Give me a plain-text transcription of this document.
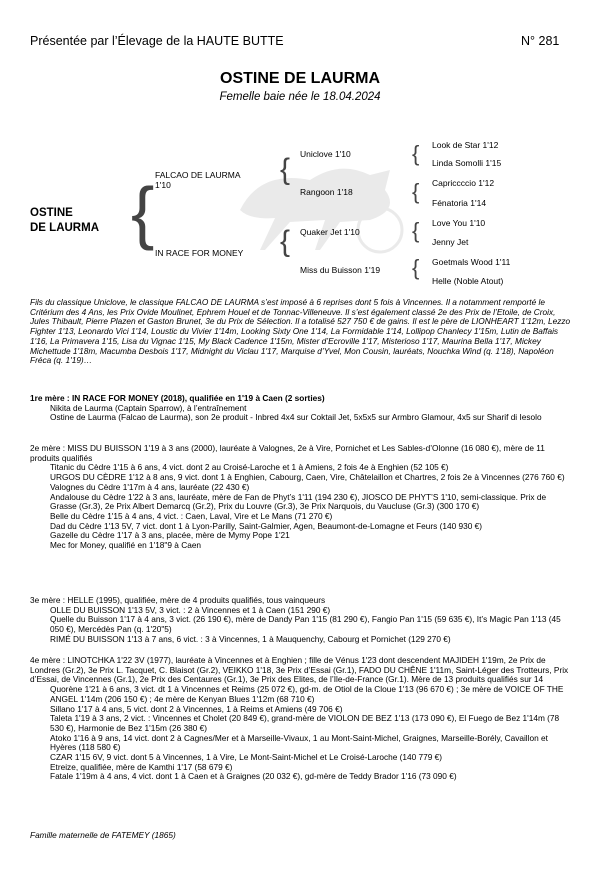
Présentée par l’Élevage de la HAUTE BUTTE	N° 281
OSTINE DE LAURMA
Femelle baie née le 18.04.2024
OSTINE
DE LAURMA { FALCAO DE LAURMA
1'10
IN RACE FOR MONEY
{
{
Uniclove 1'10
Rangoon 1'18
Quaker Jet 1'10
Miss du Buisson 1'19
{
{
{
{
Look de Star 1'12
Linda Somolli 1'15
Capriccccio 1'12
Fénatoria 1'14
Love You 1'10
Jenny Jet
Goetmals Wood 1'11
Helle (Noble Atout)
Fils du classique Uniclove, le classique FALCAO DE LAURMA s’est imposé à 6 reprises dont 5 fois à Vincennes. Il a notamment remporté le Critérium des 4 Ans, les Prix Ovide Moulinet, Ephrem Houel et de Tonnac-Villeneuve. Il s’est également classé 2e des Prix de l’Etoile, de Croix, Jules Thibault, Pierre Plazen et Gaston Brunet, 3e du Prix de Sélection. Il a totalisé 527 750 € de gains. Il est le père de LIONHEART 1'12m, Lezzo Fighter 1'13, Leonardo Vici 1'14, Loustic du Vivier 1'14m, Looking Sixty One 1'14, La Formidable 1'14, Lollipop Chanlecy 1'15m, Lutin de Baffais 1'16, La Primavera 1'15, Lisa du Vignac 1'15, My Black Cadence 1'15m, Mister d’Ecroville 1'17, Misterioso 1'17, Maurina Bella 1'17, Mickey Michettude 1'18m, Macumba Desbois 1'17, Midnight du Viclau 1'17, Marquise d’Yvel, Mon Cousin, lauréats, Nouchka Wind (q. 1'18), Napoléon Fréca (q. 1'19)…

1re mère : IN RACE FOR MONEY (2018), qualifiée en 1'19 à Caen (2 sorties)

Nikita de Laurma (Captain Sparrow), à l’entraînement

Ostine de Laurma (Falcao de Laurma), son 2e produit - Inbred 4x4 sur Coktail Jet, 5x5x5 sur Armbro Glamour, 4x5 sur Sharif di Iesolo

2e mère : MISS DU BUISSON 1'19 à 3 ans (2000), lauréate à Valognes, 2e à Vire, Pornichet et Les Sables-d’Olonne (16 080 €), mère de 11 produits qualifiés

Titanic du Cèdre 1'15 à 6 ans, 4 vict. dont 2 au Croisé-Laroche et 1 à Amiens, 2 fois 4e à Enghien (52 105 €)

URGOS DU CÈDRE 1'12 à 8 ans, 9 vict. dont 1 à Enghien, Cabourg, Caen, Vire, Châtelaillon et Chartres, 2 fois 2e à Vincennes (276 760 €)

Valognes du Cèdre 1'17m à 4 ans, lauréate (22 430 €)

Andalouse du Cèdre 1'22 à 3 ans, lauréate, mère de Fan de Phyt’s 1'11 (194 230 €), JIOSCO DE PHYT’S 1'10, semi-classique. Prix de Grasse (Gr.3), 2e Prix Albert Demarcq (Gr.2), Prix du Louvre (Gr.3), 3e Prix Narquois, du Vaucluse (Gr.3) (300 170 €)

Belle du Cèdre 1'15 à 4 ans, 4 vict. : Caen, Laval, Vire et Le Mans (71 270 €)

Dad du Cèdre 1'13 5V, 7 vict. dont 1 à Lyon-Parilly, Saint-Galmier, Agen, Beaumont-de-Lomagne et Feurs (140 930 €)

Gazelle du Cèdre 1'17 à 3 ans, placée, mère de Mymy Pope 1'21

Mec for Money, qualifié en 1'18"9 à Caen

3e mère : HELLE (1995), qualifiée, mère de 4 produits qualifiés, tous vainqueurs

OLLE DU BUISSON 1'13 5V, 3 vict. : 2 à Vincennes et 1 à Caen (151 290 €)

Quelle du Buisson 1'17 à 4 ans, 3 vict. (26 190 €), mère de Dandy Pan 1'15 (81 290 €), Fangio Pan 1'15 (59 635 €), It’s Magic Pan 1'13 (45 050 €), Mercédès Pan (q. 1'20"5)

RIMÉ DU BUISSON 1'13 à 7 ans, 6 vict. : 3 à Vincennes, 1 à Mauquenchy, Cabourg et Pornichet (129 270 €)

4e mère : LINOTCHKA 1'22 3V (1977), lauréate à Vincennes et à Enghien ; fille de Vénus 1'23 dont descendent MAJIDEH 1'19m, 2e Prix de Londres (Gr.2), 3e Prix L. Tacquet, C. Blaisot (Gr.2), VEIKKO 1'18, 3e Prix d’Essai (Gr.1), FADO DU CHÊNE 1'11m, Saint-Léger des Trotteurs, Prix d’Essai, de Vincennes (Gr.1), 2e Prix des Centaures (Gr.1), 3e Prix des Elites, de l’Ile-de-France (Gr.1). Mère de 13 produits qualifiés sur 14

Quorène 1'21 à 6 ans, 3 vict. dt 1 à Vincennes et Reims (25 072 €), gd-m. de Otiol de la Cloue 1'13 (96 670 €) ; 3e mère de VOICE OF THE ANGEL 1'14m (206 150 €) ; 4e mère de Kenyan Blues 1'12m (68 710 €)

Sillano 1'17 à 4 ans, 5 vict. dont 2 à Vincennes, 1 à Reims et Amiens (49 706 €)

Taleta 1'19 à 3 ans, 2 vict. : Vincennes et Cholet (20 849 €), grand-mère de VIOLON DE BEZ 1'13 (173 090 €), El Fuego de Bez 1'14m (78 530 €), Harmonie de Bez 1'15m (26 380 €)

Atoko 1'16 à 9 ans, 14 vict. dont 2 à Cagnes/Mer et à Marseille-Vivaux, 1 au Mont-Saint-Michel, Graignes, Marseille-Borély, Cavaillon et Hyères (118 580 €)

CZAR 1'15 6V, 9 vict. dont 5 à Vincennes, 1 à Vire, Le Mont-Saint-Michel et Le Croisé-Laroche (140 779 €)

Etreize, qualifiée, mère de Kamthi 1'17 (58 679 €)

Fatale 1'19m à 4 ans, 4 vict. dont 1 à Caen et à Graignes (20 032 €), gd-mère de Teddy Brador 1'16 (73 090 €)

Famille maternelle de FATEMEY (1865)
